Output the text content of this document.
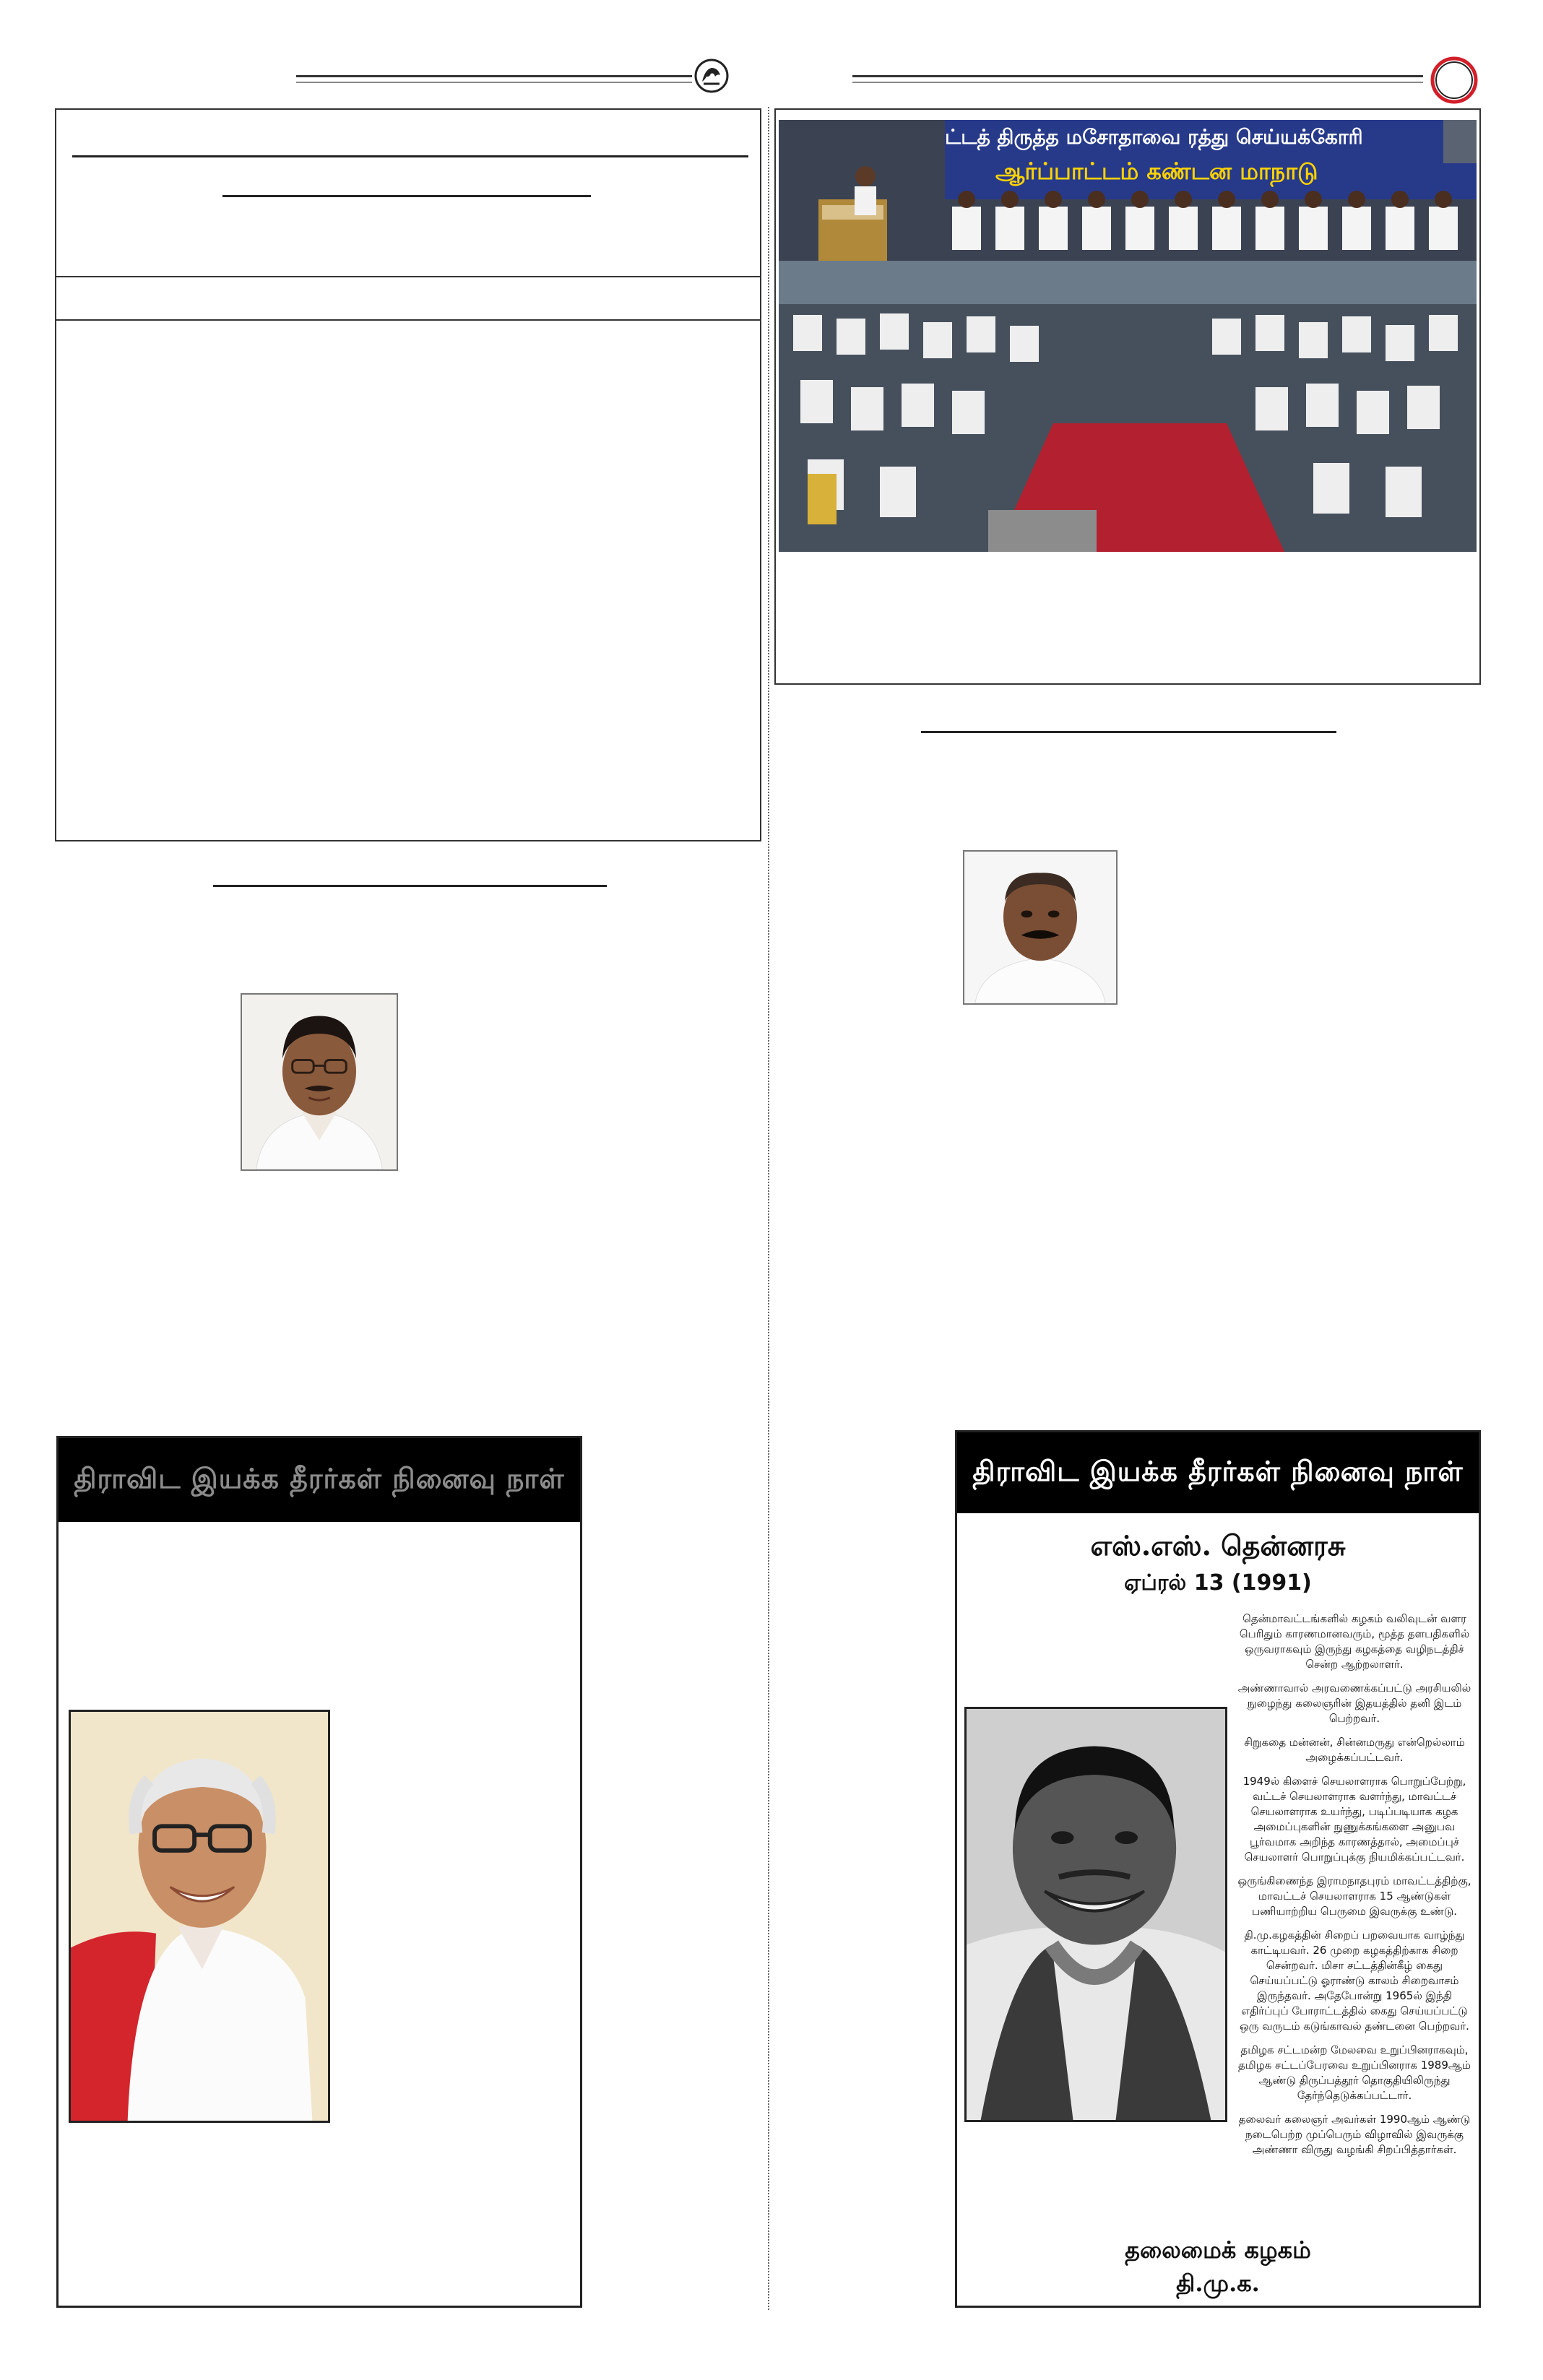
ட்டத் திருத்த மசோதாவை ரத்து செய்யக்கோரி
ஆர்ப்பாட்டம் கண்டன மாநாடு
திராவிட இயக்க தீரர்கள் நினைவு நாள்	திராவிட இயக்க தீரர்கள் நினைவு நாள்
எஸ்.எஸ். தென்னரசு
ஏப்ரல் 13 (1991)

தென்மாவட்டங்களில் கழகம் வலிவுடன் வளர பெரிதும் காரணமானவரும், மூத்த தளபதிகளில் ஒருவராகவும் இருந்து கழகத்தை வழிநடத்திச் சென்ற ஆற்றலாளர்.

அண்ணாவால் அரவணைக்கப்பட்டு அரசியலில் நுழைந்து கலைஞரின் இதயத்தில் தனி இடம் பெற்றவர்.

சிறுகதை மன்னன், சின்னமருது என்றெல்லாம் அழைக்கப்பட்டவர்.

1949ல் கிளைச் செயலாளராக பொறுப்பேற்று, வட்டச் செயலாளராக வளர்ந்து, மாவட்டச் செயலாளராக உயர்ந்து, படிப்படியாக கழக அமைப்புகளின் நுணுக்கங்களை அனுபவ பூர்வமாக அறிந்த காரணத்தால், அமைப்புச் செயலாளர் பொறுப்புக்கு நியமிக்கப்பட்டவர்.

ஒருங்கிணைந்த இராமநாதபுரம் மாவட்டத்திற்கு, மாவட்டச் செயலாளராக 15 ஆண்டுகள் பணியாற்றிய பெருமை இவருக்கு உண்டு.

தி.மு.கழகத்தின் சிறைப் பறவையாக வாழ்ந்து காட்டியவர். 26 முறை கழகத்திற்காக சிறை சென்றவர். மிசா சட்டத்தின்கீழ் கைது செய்யப்பட்டு ஓராண்டு காலம் சிறைவாசம் இருந்தவர். அதேபோன்று 1965ல் இந்தி எதிர்ப்புப் போராட்டத்தில் கைது செய்யப்பட்டு ஒரு வருடம் கடுங்காவல் தண்டனை பெற்றவர்.

தமிழக சட்டமன்ற மேலவை உறுப்பினராகவும், தமிழக சட்டப்பேரவை உறுப்பினராக 1989ஆம் ஆண்டு திருப்பத்தூர் தொகுதியிலிருந்து தேர்ந்தெடுக்கப்பட்டார்.

தலைவர் கலைஞர் அவர்கள் 1990ஆம் ஆண்டு நடைபெற்ற முப்பெரும் விழாவில் இவருக்கு அண்ணா விருது வழங்கி சிறப்பித்தார்கள்.

தலைமைக் கழகம்
தி.மு.க.
